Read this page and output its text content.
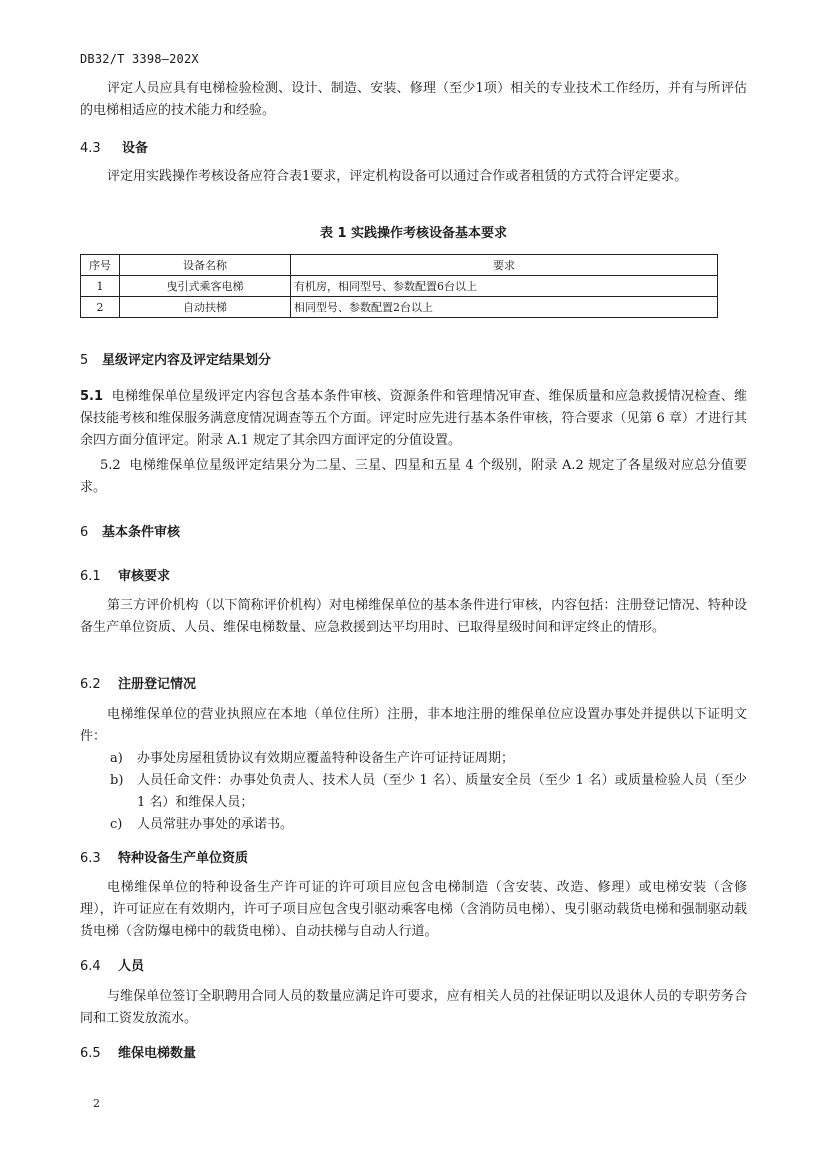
DB32/T 3398—202X
评定人员应具有电梯检验检测、设计、制造、安装、修理（至少1项）相关的专业技术工作经历，并有与所评估的电梯相适应的技术能力和经验。
4.3 设备
评定用实践操作考核设备应符合表1要求，评定机构设备可以通过合作或者租赁的方式符合评定要求。
表 1 实践操作考核设备基本要求
序号	设备名称	要求
1	曳引式乘客电梯	有机房，相同型号、参数配置6台以上
2	自动扶梯	相同型号、参数配置2台以上
5 星级评定内容及评定结果划分
5.1 电梯维保单位星级评定内容包含基本条件审核、资源条件和管理情况审查、维保质量和应急救援情况检查、维保技能考核和维保服务满意度情况调查等五个方面。评定时应先进行基本条件审核，符合要求（见第 6 章）才进行其余四方面分值评定。附录 A.1 规定了其余四方面评定的分值设置。
5.2 电梯维保单位星级评定结果分为二星、三星、四星和五星 4 个级别，附录 A.2 规定了各星级对应总分值要求。
6 基本条件审核
6.1 审核要求
第三方评价机构（以下简称评价机构）对电梯维保单位的基本条件进行审核，内容包括：注册登记情况、特种设备生产单位资质、人员、维保电梯数量、应急救援到达平均用时、已取得星级时间和评定终止的情形。
6.2 注册登记情况
电梯维保单位的营业执照应在本地（单位住所）注册，非本地注册的维保单位应设置办事处并提供以下证明文件：
a) 办事处房屋租赁协议有效期应覆盖特种设备生产许可证持证周期；
b) 人员任命文件：办事处负责人、技术人员（至少 1 名）、质量安全员（至少 1 名）或质量检验人员（至少 1 名）和维保人员；
c) 人员常驻办事处的承诺书。
6.3 特种设备生产单位资质
电梯维保单位的特种设备生产许可证的许可项目应包含电梯制造（含安装、改造、修理）或电梯安装（含修理），许可证应在有效期内，许可子项目应包含曳引驱动乘客电梯（含消防员电梯）、曳引驱动载货电梯和强制驱动载货电梯（含防爆电梯中的载货电梯）、自动扶梯与自动人行道。
6.4 人员
与维保单位签订全职聘用合同人员的数量应满足许可要求，应有相关人员的社保证明以及退休人员的专职劳务合同和工资发放流水。
6.5 维保电梯数量
2
